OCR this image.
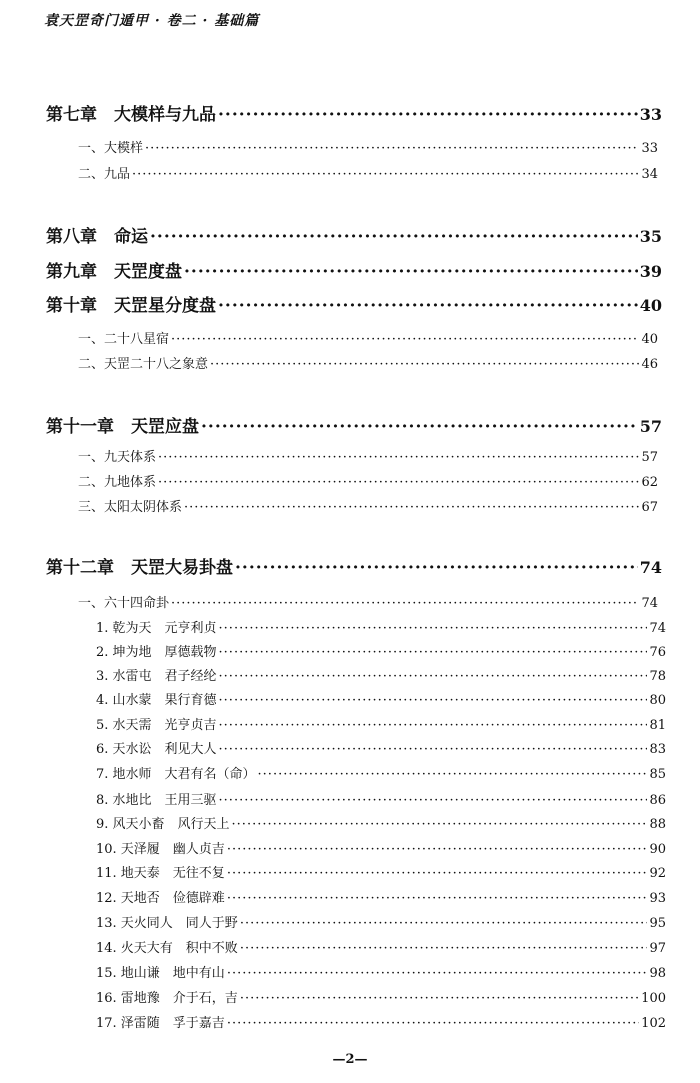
袁天罡奇门遁甲 · 卷二 · 基础篇
第七章　大模样与九品 ·····	33
一、大模样 ·····	33
二、九品 ·····	34
第八章　命运 ·····	35
第九章　天罡度盘 ·····	39
第十章　天罡星分度盘 ·····	40
一、二十八星宿 ·····	40
二、天罡二十八之象意 ·····	46
第十一章　天罡应盘 ·····	57
一、九天体系 ·····	57
二、九地体系 ·····	62
三、太阳太阴体系 ·····	67
第十二章　天罡大易卦盘 ·····	74
一、六十四命卦 ·····	74
1. 乾为天　元亨利贞 ·····	74
2. 坤为地　厚德载物 ·····	76
3. 水雷屯　君子经纶 ·····	78
4. 山水蒙　果行育德 ·····	80
5. 水天需　光亨贞吉 ·····	81
6. 天水讼　利见大人 ·····	83
7. 地水师　大君有名（命） ·····	85
8. 水地比　王用三驱 ·····	86
9. 风天小畜　风行天上 ·····	88
10. 天泽履　幽人贞吉 ·····	90
11. 地天泰　无往不复 ·····	92
12. 天地否　俭德辟难 ·····	93
13. 天火同人　同人于野 ·····	95
14. 火天大有　积中不败 ·····	97
15. 地山谦　地中有山 ·····	98
16. 雷地豫　介于石，吉 ·····	100
17. 泽雷随　孚于嘉吉 ·····	102
—2—
